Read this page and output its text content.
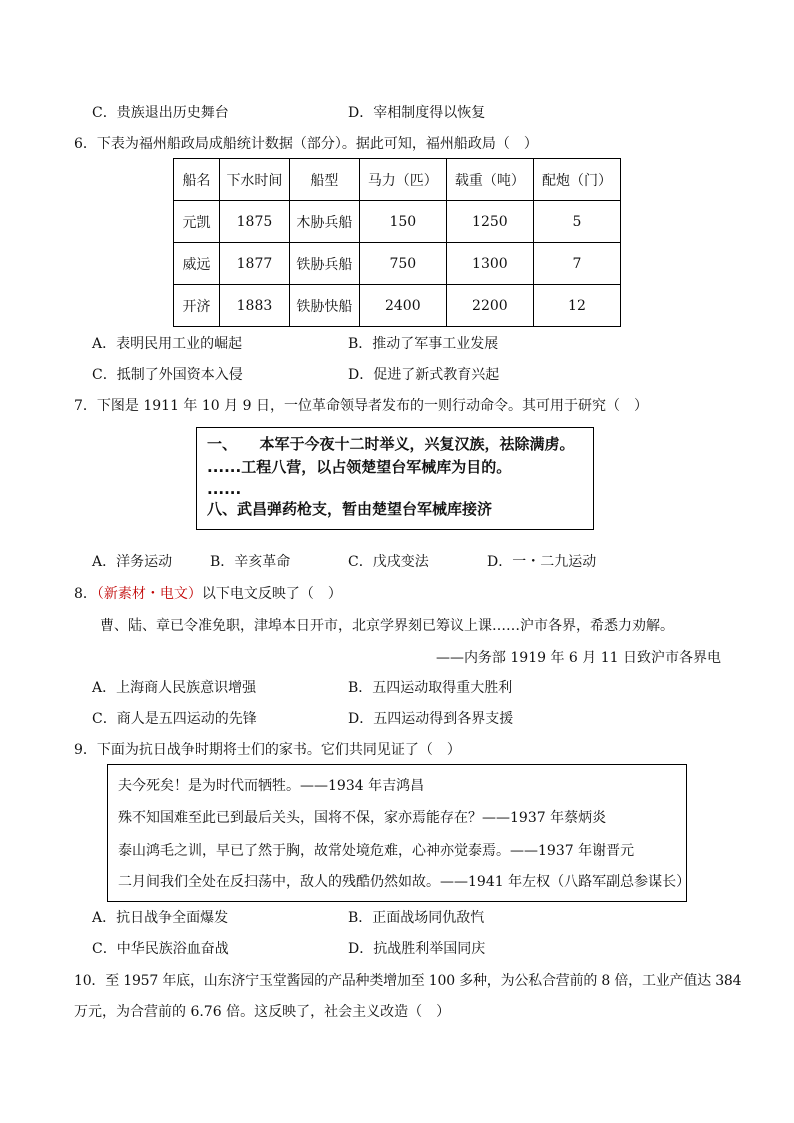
C．贵族退出历史舞台	D．宰相制度得以恢复
6．下表为福州船政局成船统计数据（部分）。据此可知，福州船政局（　）
船名	下水时间	船型	马力（匹）	载重（吨）	配炮（门）
元凯	1875	木胁兵船	150	1250	5
威远	1877	铁胁兵船	750	1300	7
开济	1883	铁胁快船	2400	2200	12
A．表明民用工业的崛起	B．推动了军事工业发展
C．抵制了外国资本入侵	D．促进了新式教育兴起
7．下图是 1911 年 10 月 9 日，一位革命领导者发布的一则行动命令。其可用于研究（　）
一、　　本军于今夜十二时举义，兴复汉族，祛除满虏。
......工程八营，以占领楚望台军械库为目的。
......
八、武昌弹药枪支，暂由楚望台军械库接济
A．洋务运动	B．辛亥革命	C．戊戌变法	D．一・二九运动
8．（新素材・电文）以下电文反映了（　）
曹、陆、章已令准免职，津埠本日开市，北京学界刻已筹议上课……沪市各界，希悉力劝解。
——内务部 1919 年 6 月 11 日致沪市各界电
A．上海商人民族意识增强	B．五四运动取得重大胜利
C．商人是五四运动的先锋	D．五四运动得到各界支援
9．下面为抗日战争时期将士们的家书。它们共同见证了（　）
夫今死矣！是为时代而牺牲。——1934 年吉鸿昌
殊不知国难至此已到最后关头，国将不保，家亦焉能存在？——1937 年蔡炳炎
泰山鸿毛之训，早已了然于胸，故常处境危难，心神亦觉泰焉。——1937 年谢晋元
二月间我们全处在反扫荡中，敌人的残酷仍然如故。——1941 年左权（八路军副总参谋长）
A．抗日战争全面爆发	B．正面战场同仇敌忾
C．中华民族浴血奋战	D．抗战胜利举国同庆
10．至 1957 年底，山东济宁玉堂酱园的产品种类增加至 100 多种，为公私合营前的 8 倍，工业产值达 384
万元，为合营前的 6.76 倍。这反映了，社会主义改造（　）
